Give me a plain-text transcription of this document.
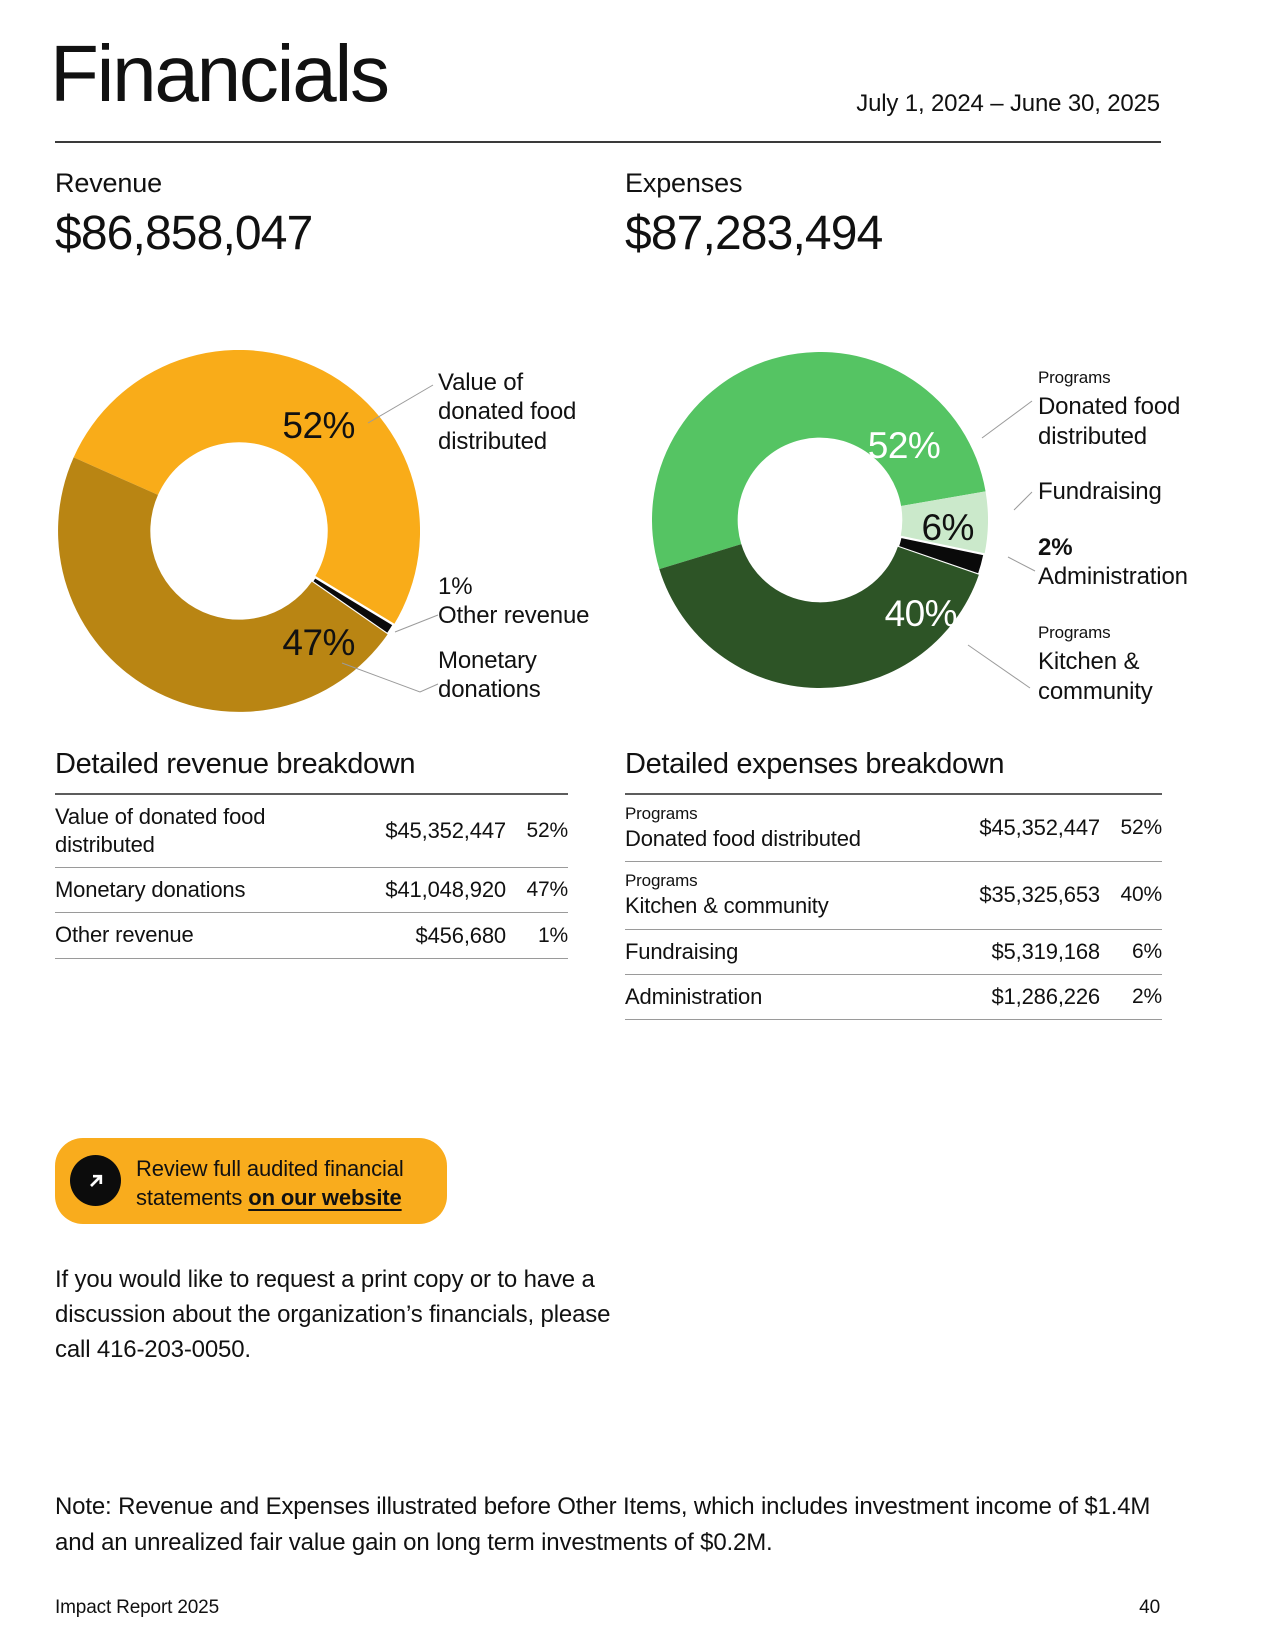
Financials	July 1, 2024 – June 30, 2025
Revenue
$86,858,047
Expenses
$87,283,494
52%
47%
Value of donated food distributed
1%
Other revenue
Monetary donations
52%
6%
40%
Programs
Donated food distributed
Fundraising
2%
Administration
Programs
Kitchen & community
Detailed revenue breakdown
Value of donated food distributed
$45,352,447 52%
Monetary donations	$41,048,920 47%
Other revenue	$456,680	1%
Detailed expenses breakdown
Programs
Donated food distributed	$45,352,447 52%
Programs
Kitchen & community	$35,325,653 40%
Fundraising	$5,319,168	6%
Administration	$1,286,226	2%
Review full audited financial
statements on our website
If you would like to request a print copy or to have a discussion about the organization’s financials, please call 416-203-0050.
Note: Revenue and Expenses illustrated before Other Items, which includes investment income of $1.4M and an unrealized fair value gain on long term investments of $0.2M.
Impact Report 2025	40
